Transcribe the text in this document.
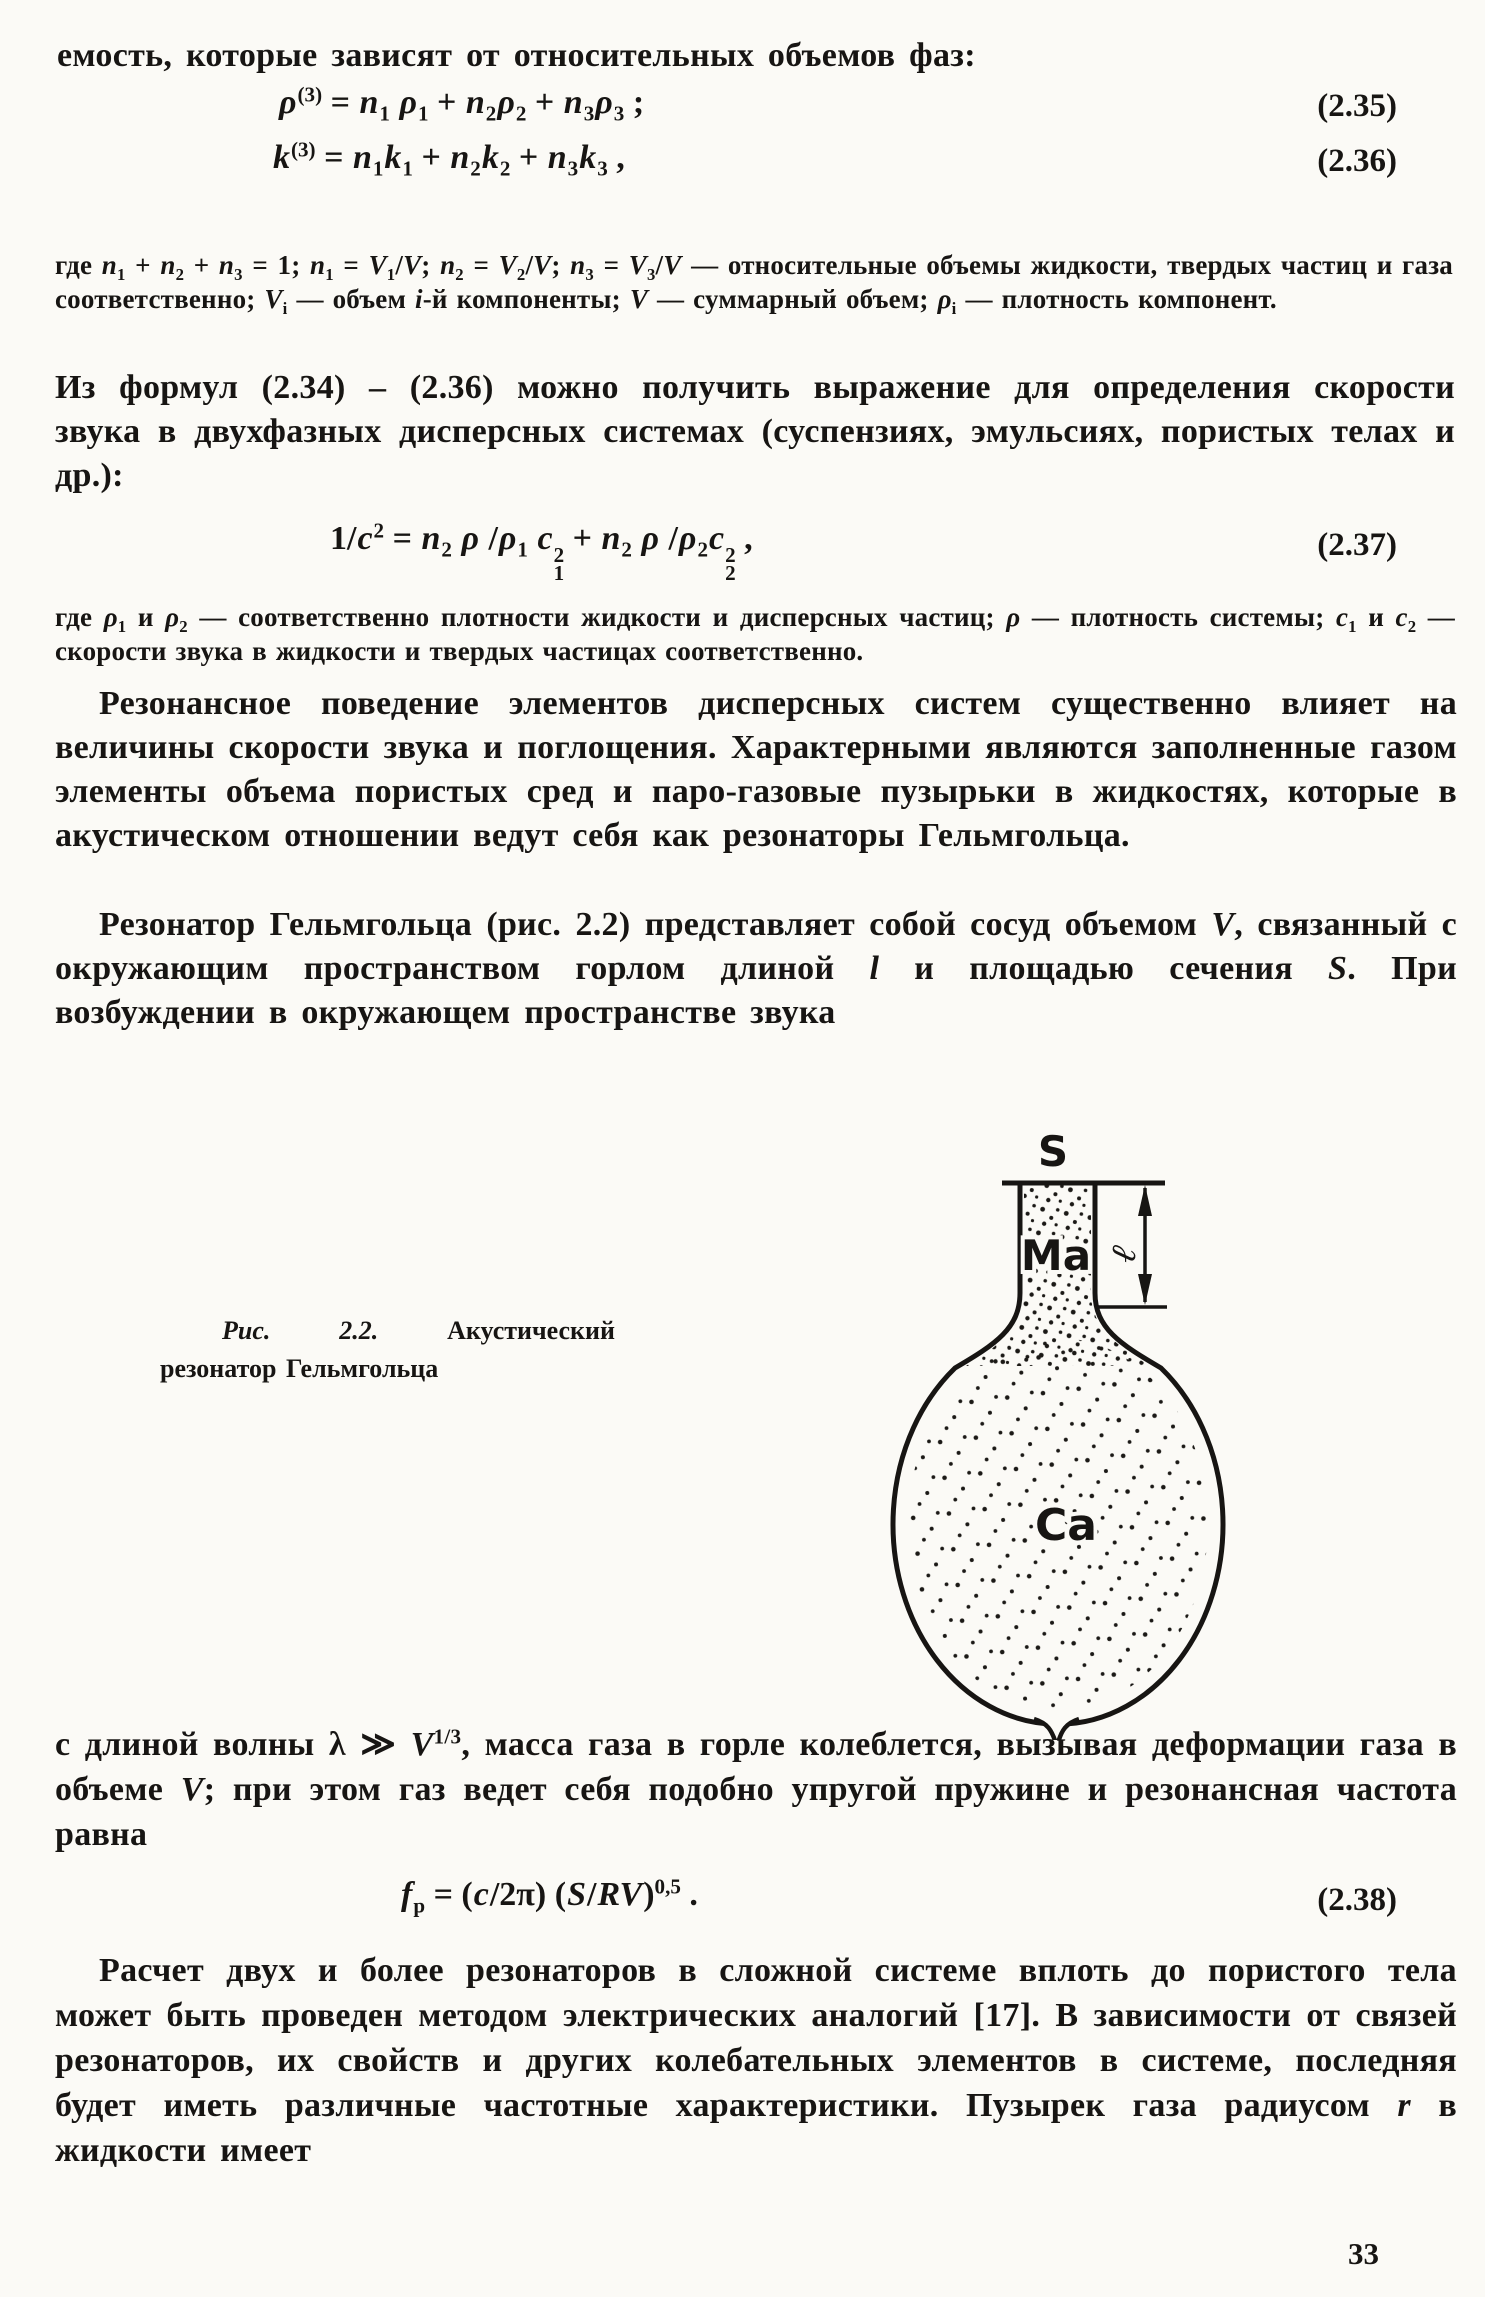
емость, которые зависят от относительных объемов фаз:
$\rho^{(3)} = n_1$ $\rho_1 + n_2\rho_2 + n_3\rho_3$ ;	(2.35)
$k^{(3)} = n_1k_1 + n_2k_2 + n_3k_3$ ,	(2.36)
где $n_1 + n_2 + n_3 = 1$; $n_1 = V_1/V$; $n_2 = V_2/V$; $n_3 = V_3/V$ — относительные объемы жидкости, твердых частиц и газа соответственно; $V_i$ — объем i-й компоненты; V — суммарный объем; $\rho_i$ — плотность компонент.
Из формул (2.34) – (2.36) можно получить выражение для определения скорости звука в двухфазных дисперсных системах (суспензиях, эмульсиях, пористых телах и др.):
$1/c^2 = n_2$ ρ $/\rho_1$ c 2
1
+ $n_2$ ρ $/\rho_2c$ 2
2
,	(2.37)
где $\rho_1$ и $\rho_2$ — соответственно плотности жидкости и дисперсных частиц; ρ — плотность системы; $c_1$ и $c_2$ — скорости звука в жидкости и твердых частицах соответственно.
Резонансное поведение элементов дисперсных систем существенно влияет на величины скорости звука и поглощения. Характерными являются заполненные газом элементы объема пористых сред и паро-газовые пузырьки в жидкостях, которые в акустическом отношении ведут себя как резонаторы Гельмгольца.
Резонатор Гельмгольца (рис. 2.2) представляет собой сосуд объемом V, связанный с окружающим пространством горлом длиной l и площадью сечения S. При возбуждении в окружающем пространстве звука
S
Ма
Са
ℓ
Рис. 2.2. Акустический резонатор Гельмгольца
с длиной волны λ ≫ $V^{1/3}$, масса газа в горле колеблется, вызывая деформации газа в объеме V; при этом газ ведет себя подобно упругой пружине и резонансная частота равна
$f_p = (c/2\pi)$ $(S/RV)^{0,5}$ .	(2.38)
Расчет двух и более резонаторов в сложной системе вплоть до пористого тела может быть проведен методом электрических аналогий [17]. В зависимости от связей резонаторов, их свойств и других колебательных элементов в системе, последняя будет иметь различные частотные характеристики. Пузырек газа радиусом r в жидкости имеет
33
